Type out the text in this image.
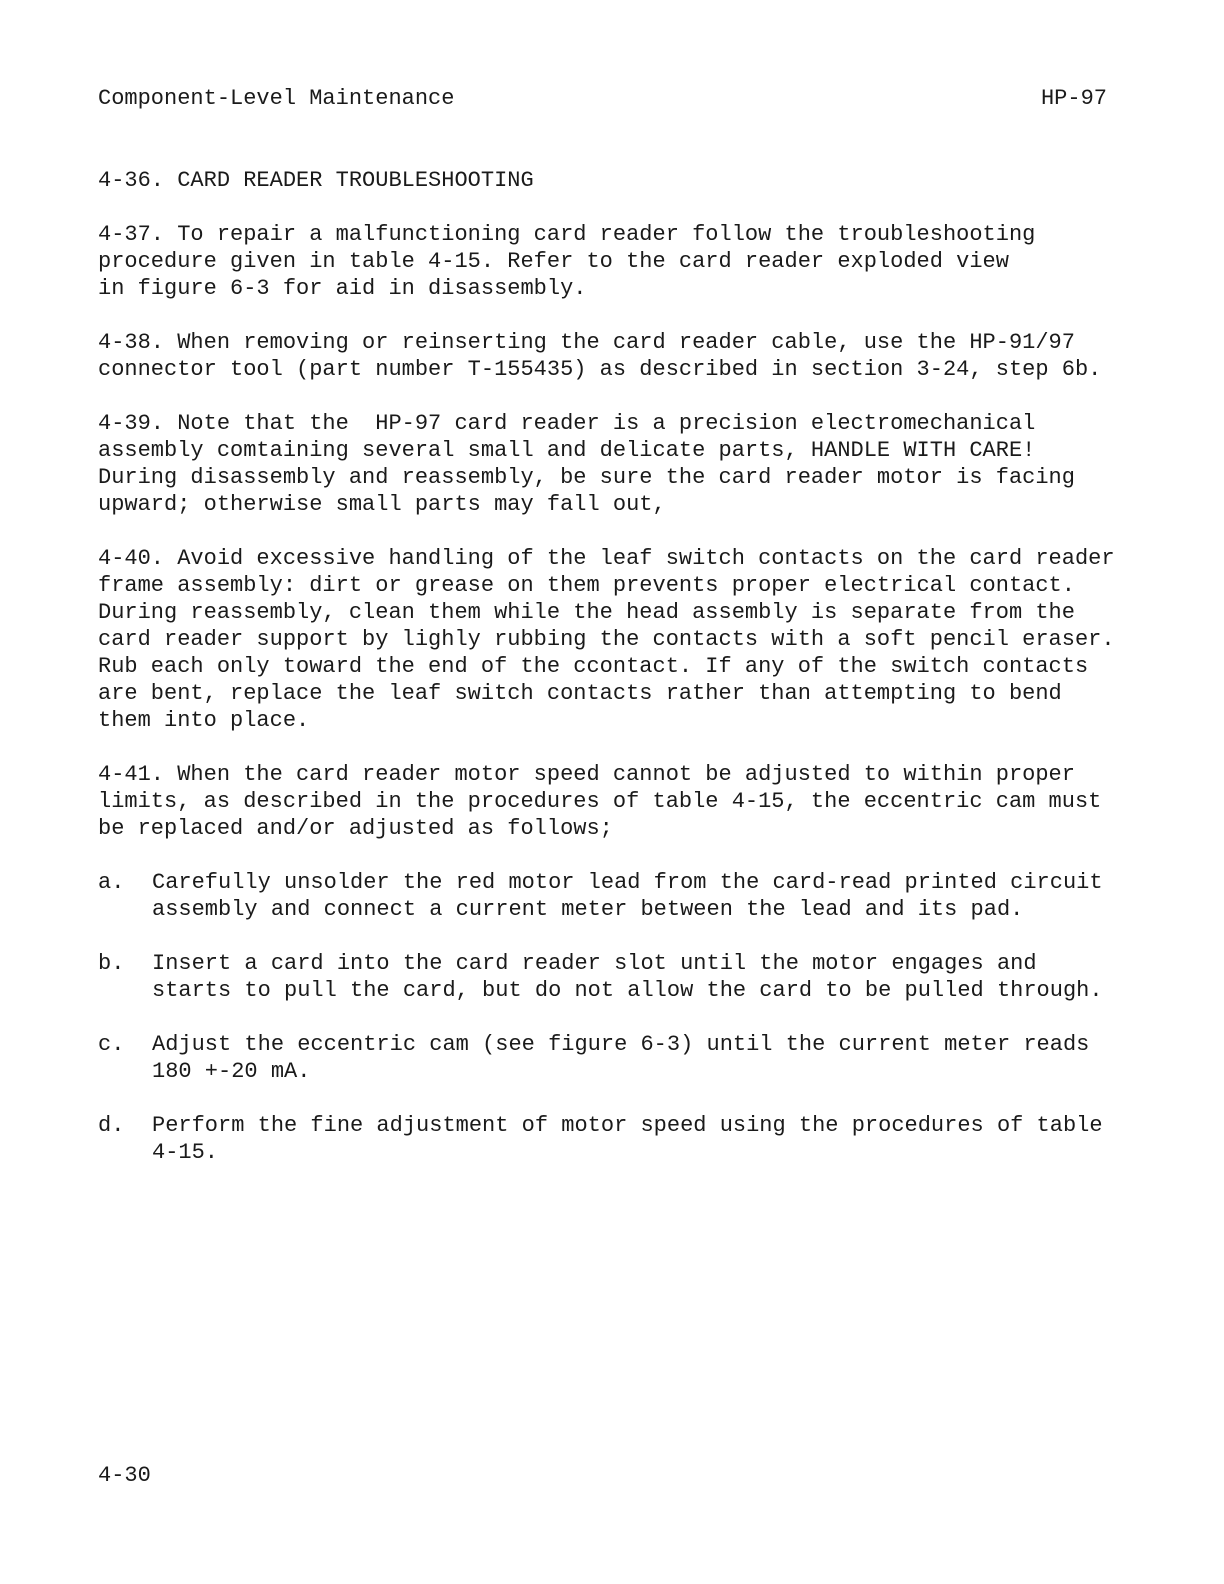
Component-Level Maintenance	HP-97
4-36. CARD READER TROUBLESHOOTING
4-37. To repair a malfunctioning card reader follow the troubleshooting
procedure given in table 4-15. Refer to the card reader exploded view
in figure 6-3 for aid in disassembly.
4-38. When removing or reinserting the card reader cable, use the HP-91/97
connector tool (part number T-155435) as described in section 3-24, step 6b.
4-39. Note that the  HP-97 card reader is a precision electromechanical
assembly comtaining several small and delicate parts, HANDLE WITH CARE!
During disassembly and reassembly, be sure the card reader motor is facing
upward; otherwise small parts may fall out,
4-40. Avoid excessive handling of the leaf switch contacts on the card reader
frame assembly: dirt or grease on them prevents proper electrical contact.
During reassembly, clean them while the head assembly is separate from the
card reader support by lighly rubbing the contacts with a soft pencil eraser.
Rub each only toward the end of the ccontact. If any of the switch contacts
are bent, replace the leaf switch contacts rather than attempting to bend
them into place.
4-41. When the card reader motor speed cannot be adjusted to within proper
limits, as described in the procedures of table 4-15, the eccentric cam must
be replaced and/or adjusted as follows;
a.	Carefully unsolder the red motor lead from the card-read printed circuit
assembly and connect a current meter between the lead and its pad.
b.	Insert a card into the card reader slot until the motor engages and
starts to pull the card, but do not allow the card to be pulled through.
c.	Adjust the eccentric cam (see figure 6-3) until the current meter reads
180 +-20 mA.
d.	Perform the fine adjustment of motor speed using the procedures of table
4-15.
4-30
